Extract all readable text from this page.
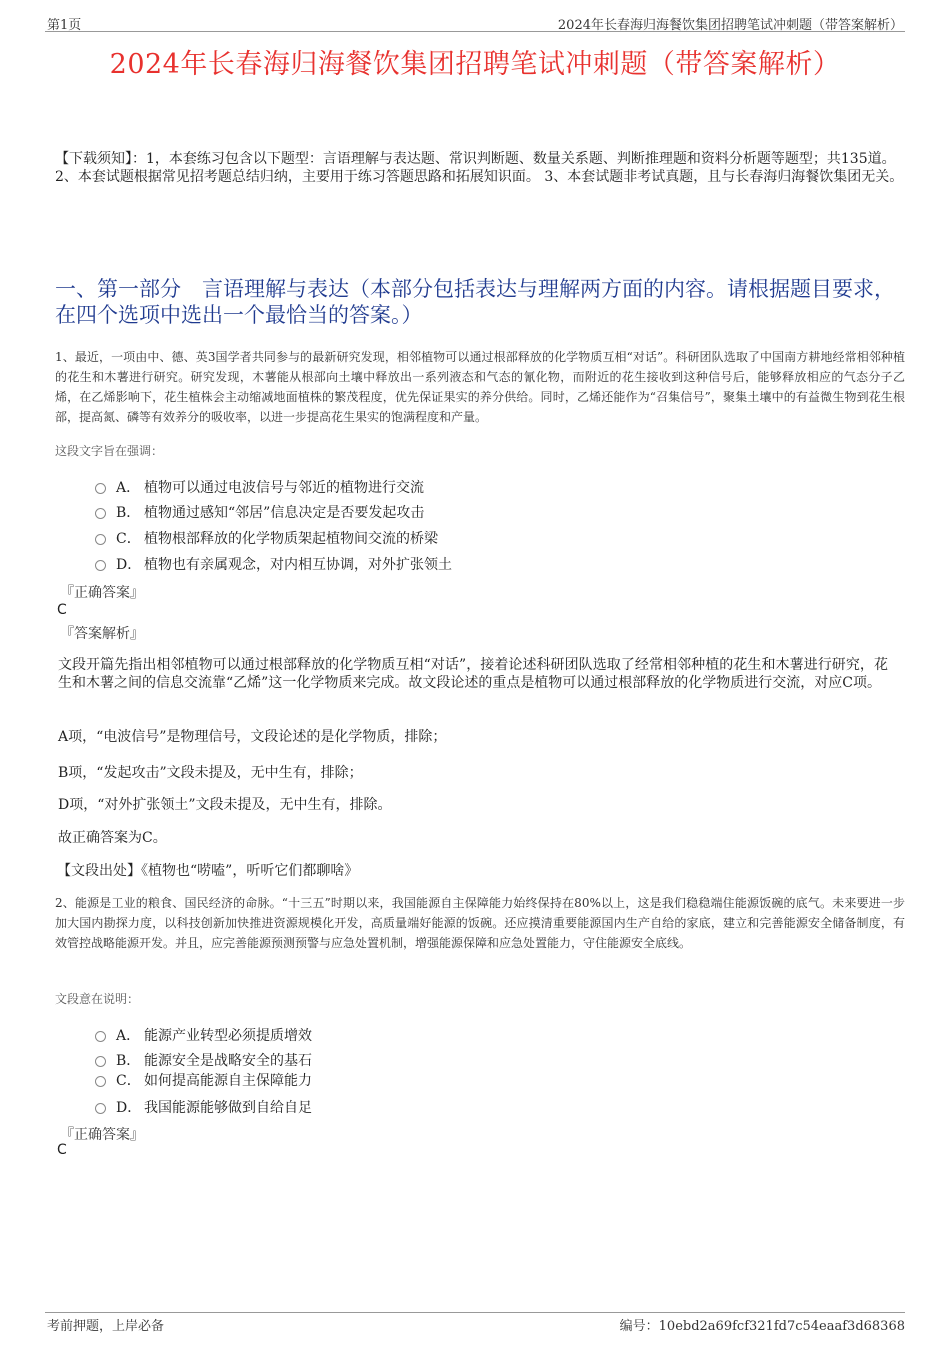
第1页	2024年长春海归海餐饮集团招聘笔试冲刺题（带答案解析）
2024年长春海归海餐饮集团招聘笔试冲刺题（带答案解析）
【下载须知】：1，本套练习包含以下题型：言语理解与表达题、常识判断题、数量关系题、判断推理题和资料分析题等题型；共135道。 2、本套试题根据常见招考题总结归纳，主要用于练习答题思路和拓展知识面。 3、本套试题非考试真题，且与长春海归海餐饮集团无关。
一、第一部分　言语理解与表达（本部分包括表达与理解两方面的内容。请根据题目要求，在四个选项中选出一个最恰当的答案。）
1、最近，一项由中、德、英3国学者共同参与的最新研究发现，相邻植物可以通过根部释放的化学物质互相“对话”。科研团队选取了中国南方耕地经常相邻种植的花生和木薯进行研究。研究发现，木薯能从根部向土壤中释放出一系列液态和气态的氰化物，而附近的花生接收到这种信号后，能够释放相应的气态分子乙烯，在乙烯影响下，花生植株会主动缩减地面植株的繁茂程度，优先保证果实的养分供给。同时，乙烯还能作为“召集信号”，聚集土壤中的有益微生物到花生根部，提高氮、磷等有效养分的吸收率，以进一步提高花生果实的饱满程度和产量。
这段文字旨在强调：
A． 植物可以通过电波信号与邻近的植物进行交流
B． 植物通过感知“邻居”信息决定是否要发起攻击
C． 植物根部释放的化学物质架起植物间交流的桥梁
D． 植物也有亲属观念，对内相互协调，对外扩张领土
『正确答案』
C
『答案解析』
文段开篇先指出相邻植物可以通过根部释放的化学物质互相“对话”，接着论述科研团队选取了经常相邻种植的花生和木薯进行研究，花生和木薯之间的信息交流靠“乙烯”这一化学物质来完成。故文段论述的重点是植物可以通过根部释放的化学物质进行交流，对应C项。
A项，“电波信号”是物理信号，文段论述的是化学物质，排除；
B项，“发起攻击”文段未提及，无中生有，排除；
D项，“对外扩张领土”文段未提及，无中生有，排除。
故正确答案为C。
【文段出处】《植物也“唠嗑”，听听它们都聊啥》
2、能源是工业的粮食、国民经济的命脉。“十三五”时期以来，我国能源自主保障能力始终保持在80%以上，这是我们稳稳端住能源饭碗的底气。未来要进一步加大国内勘探力度，以科技创新加快推进资源规模化开发，高质量端好能源的饭碗。还应摸清重要能源国内生产自给的家底，建立和完善能源安全储备制度，有效管控战略能源开发。并且，应完善能源预测预警与应急处置机制，增强能源保障和应急处置能力，守住能源安全底线。
文段意在说明：
A． 能源产业转型必须提质增效
B． 能源安全是战略安全的基石
C． 如何提高能源自主保障能力
D． 我国能源能够做到自给自足
『正确答案』
C
考前押题，上岸必备	编号：10ebd2a69fcf321fd7c54eaaf3d68368
